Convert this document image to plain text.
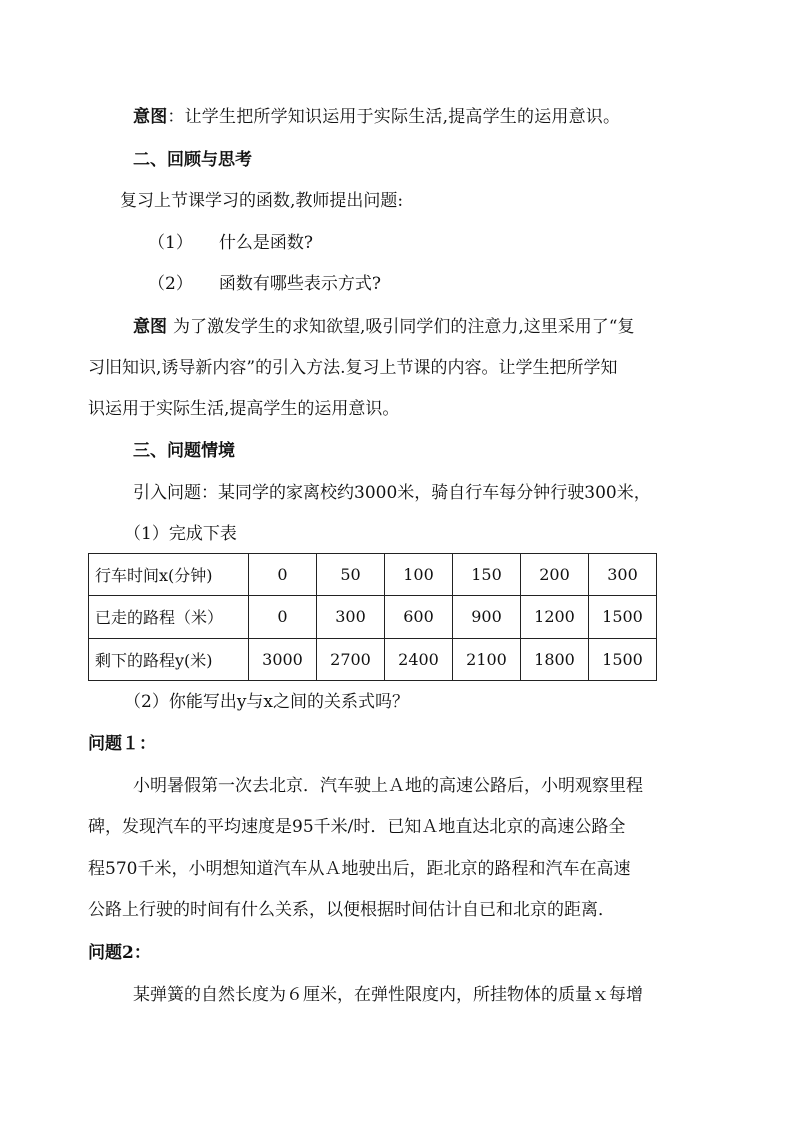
意图：让学生把所学知识运用于实际生活,提高学生的运用意识。
二、回顾与思考
复习上节课学习的函数,教师提出问题:
（1） 什么是函数?
（2） 函数有哪些表示方式?
意图 为了激发学生的求知欲望,吸引同学们的注意力,这里采用了“复
习旧知识,诱导新内容”的引入方法.复习上节课的内容。让学生把所学知
识运用于实际生活,提高学生的运用意识。
三、问题情境
引入问题：某同学的家离校约3000米，骑自行车每分钟行驶300米，
（1）完成下表
行车时间x(分钟)	0	50	100	150	200	300
已走的路程（米）	0	300	600	900	1200	1500
剩下的路程y(米)	3000	2700	2400	2100	1800	1500
（2）你能写出y与x之间的关系式吗？
问题１：
小明暑假第一次去北京．汽车驶上Ａ地的高速公路后，小明观察里程
碑，发现汽车的平均速度是95千米/时．已知Ａ地直达北京的高速公路全
程570千米，小明想知道汽车从Ａ地驶出后，距北京的路程和汽车在高速
公路上行驶的时间有什么关系，以便根据时间估计自已和北京的距离．
问题2：
某弹簧的自然长度为６厘米，在弹性限度内，所挂物体的质量ｘ每增
